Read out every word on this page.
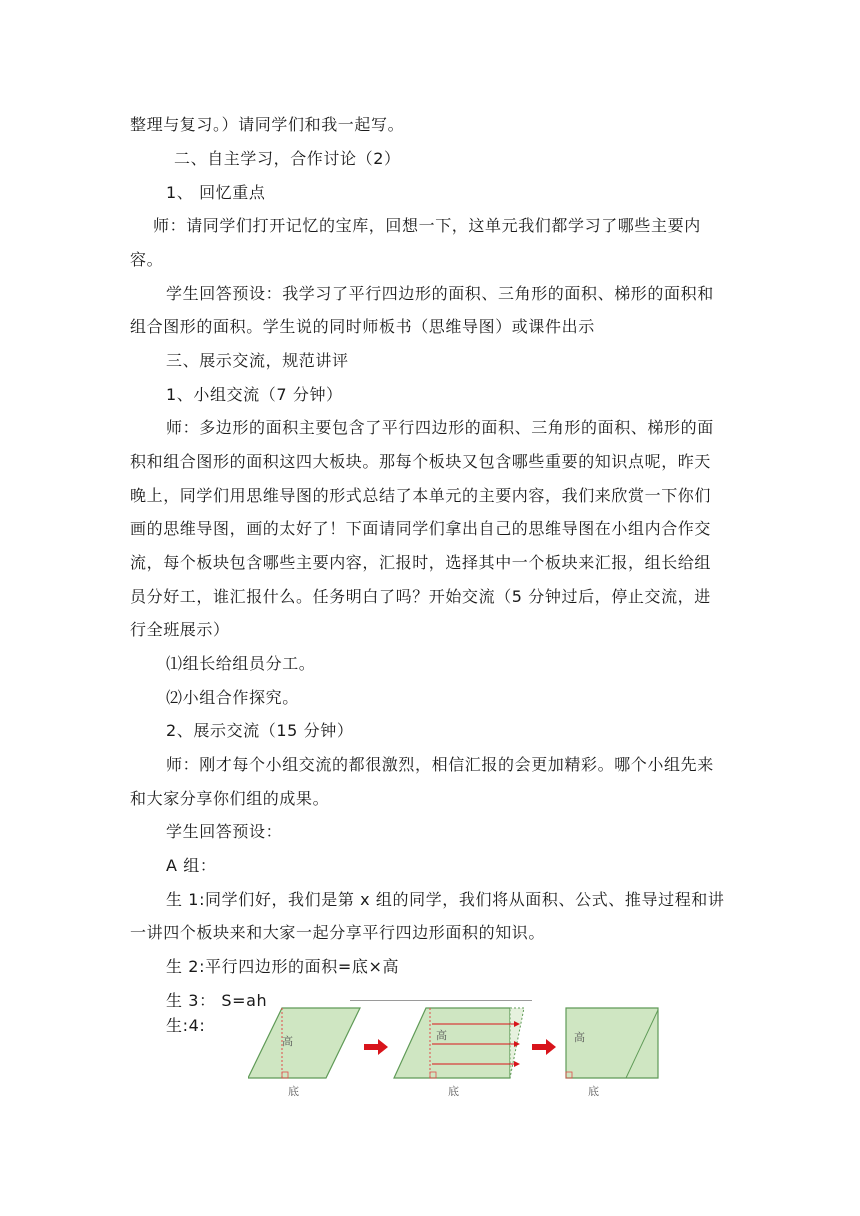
整理与复习。）请同学们和我一起写。
二、自主学习，合作讨论（2）
1、 回忆重点
师：请同学们打开记忆的宝库，回想一下，这单元我们都学习了哪些主要内
容。
学生回答预设：我学习了平行四边形的面积、三角形的面积、梯形的面积和
组合图形的面积。学生说的同时师板书（思维导图）或课件出示
三、展示交流，规范讲评
1、小组交流（7 分钟）
师：多边形的面积主要包含了平行四边形的面积、三角形的面积、梯形的面
积和组合图形的面积这四大板块。那每个板块又包含哪些重要的知识点呢，昨天
晚上，同学们用思维导图的形式总结了本单元的主要内容，我们来欣赏一下你们
画的思维导图，画的太好了！下面请同学们拿出自己的思维导图在小组内合作交
流，每个板块包含哪些主要内容，汇报时，选择其中一个板块来汇报，组长给组
员分好工，谁汇报什么。任务明白了吗？开始交流（5 分钟过后，停止交流，进
行全班展示）
⑴组长给组员分工。
⑵小组合作探究。
2、展示交流（15 分钟）
师：刚才每个小组交流的都很激烈，相信汇报的会更加精彩。哪个小组先来
和大家分享你们组的成果。
学生回答预设：
A 组：
生 1:同学们好，我们是第 x 组的同学，我们将从面积、公式、推导过程和讲
一讲四个板块来和大家一起分享平行四边形面积的知识。
生 2:平行四边形的面积=底×高
生 3： S=ah
生:4:
高
底
高
底
高
底
